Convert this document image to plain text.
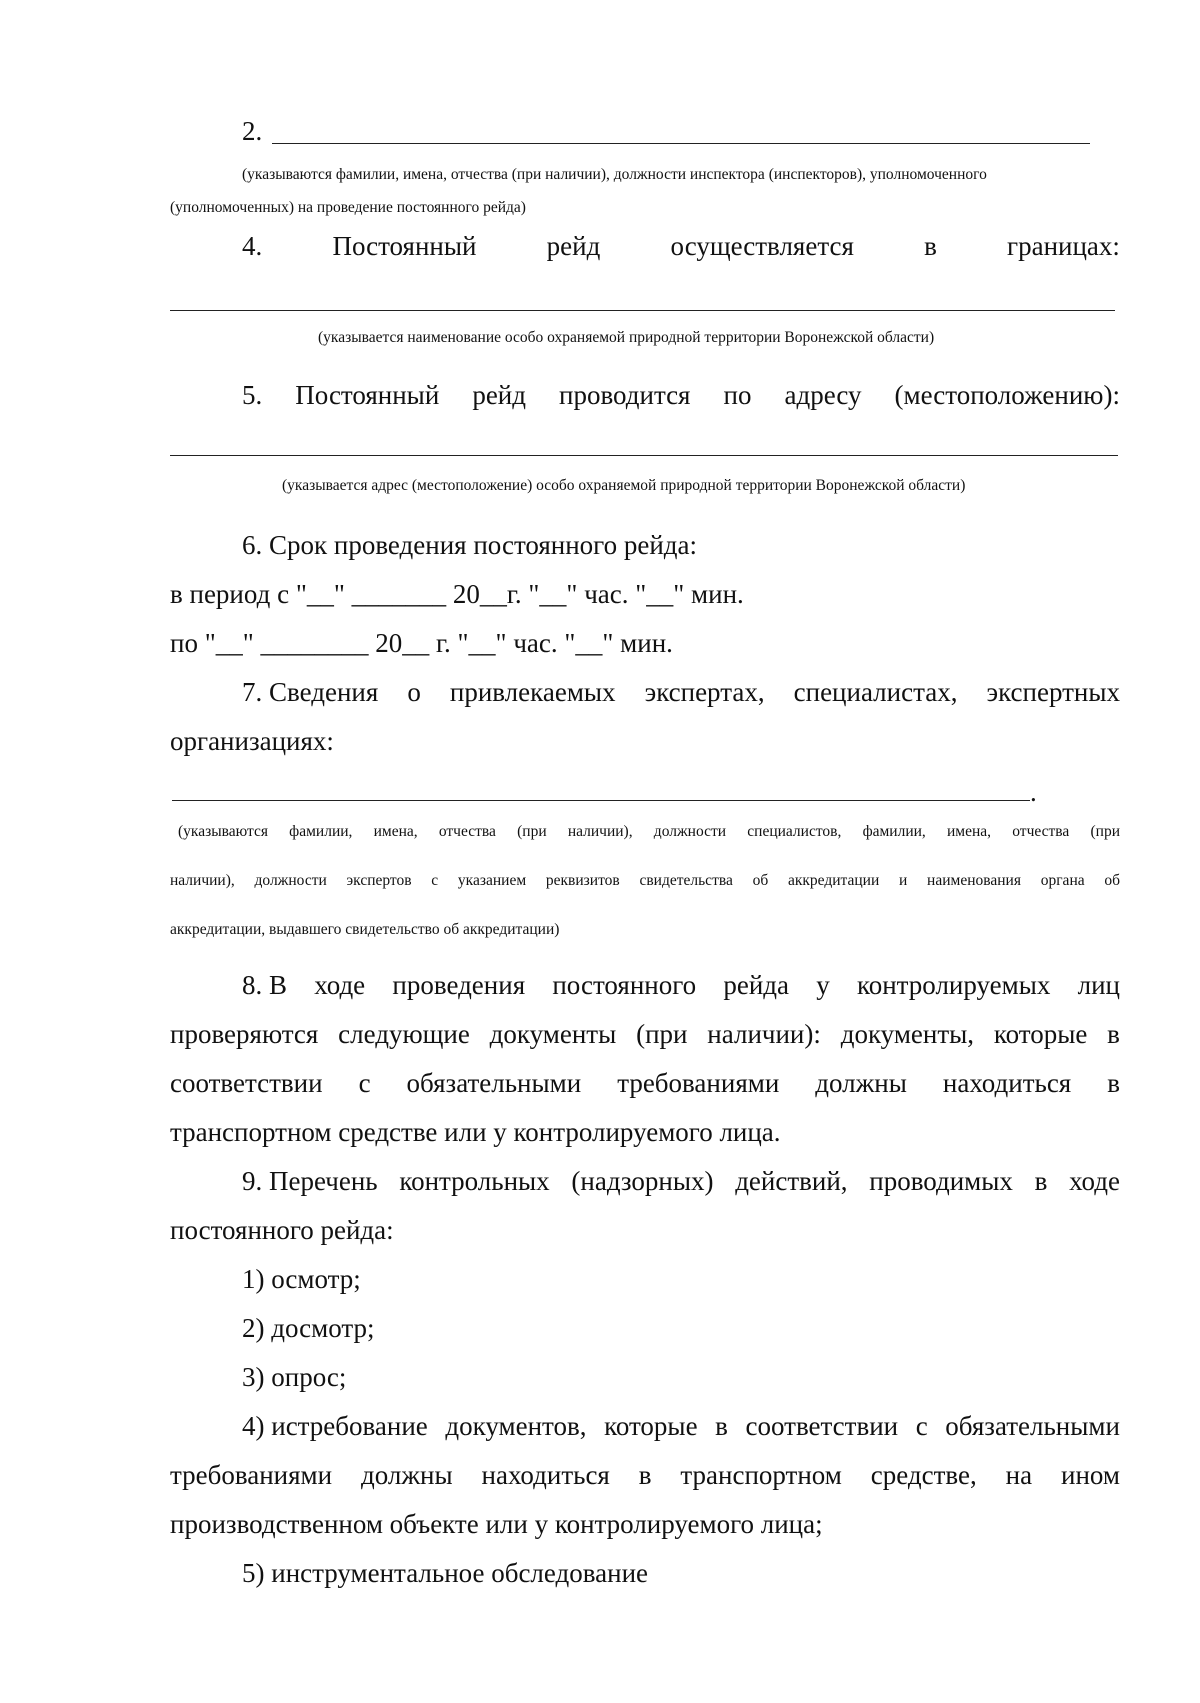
2.
(указываются фамилии, имена, отчества (при наличии), должности инспектора (инспекторов), уполномоченного
(уполномоченных) на проведение постоянного рейда)
4.	Постоянный	рейд	осуществляется	в	границах:
(указывается наименование особо охраняемой природной территории Воронежской области)
5. Постоянный рейд проводится по адресу (местоположению):
(указывается адрес (местоположение) особо охраняемой природной территории Воронежской области)
6. Срок проведения постоянного рейда:
в период с "__" _______ 20__г. "__" час. "__" мин.
по "__" ________ 20__ г. "__" час. "__" мин.
7. Сведения о привлекаемых экспертах, специалистах, экспертных
организациях:
.
(указываются фамилии, имена, отчества (при наличии), должности специалистов, фамилии, имена, отчества (при
наличии), должности экспертов с указанием реквизитов свидетельства об аккредитации и наименования органа об
аккредитации, выдавшего свидетельство об аккредитации)
8. В ходе проведения постоянного рейда у контролируемых лиц
проверяются следующие документы (при наличии): документы, которые в
соответствии с обязательными требованиями должны находиться в
транспортном средстве или у контролируемого лица.
9. Перечень контрольных (надзорных) действий, проводимых в ходе
постоянного рейда:
1) осмотр;
2) досмотр;
3) опрос;
4) истребование документов, которые в соответствии с обязательными
требованиями должны находиться в транспортном средстве, на ином
производственном объекте или у контролируемого лица;
5) инструментальное обследование
